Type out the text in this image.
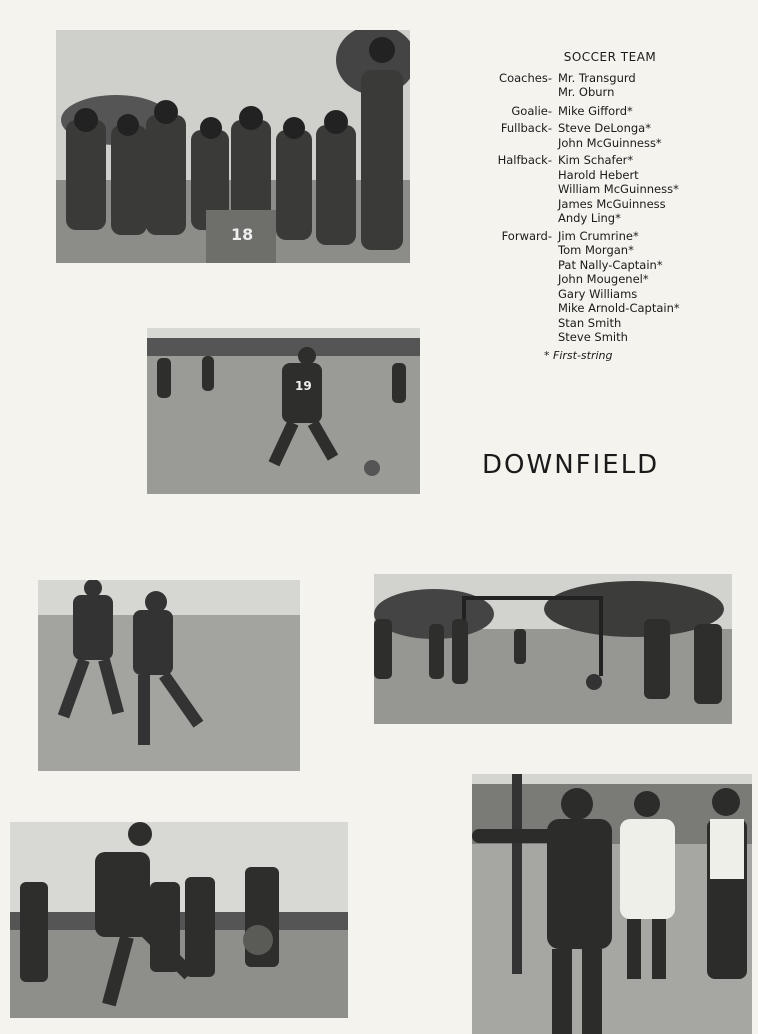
18
SOCCER TEAM
Coaches- Mr. Transgurd
Mr. Oburn
Goalie- Mike Gifford*
Fullback- Steve DeLonga*
John McGuinness*
Halfback- Kim Schafer*
Harold Hebert
William McGuinness*
James McGuinness
Andy Ling*
Forward- Jim Crumrine*
Tom Morgan*
Pat Nally-Captain*
John Mougenel*
Gary Williams
Mike Arnold-Captain*
Stan Smith
Steve Smith
* First-string
19
DOWNFIELD
